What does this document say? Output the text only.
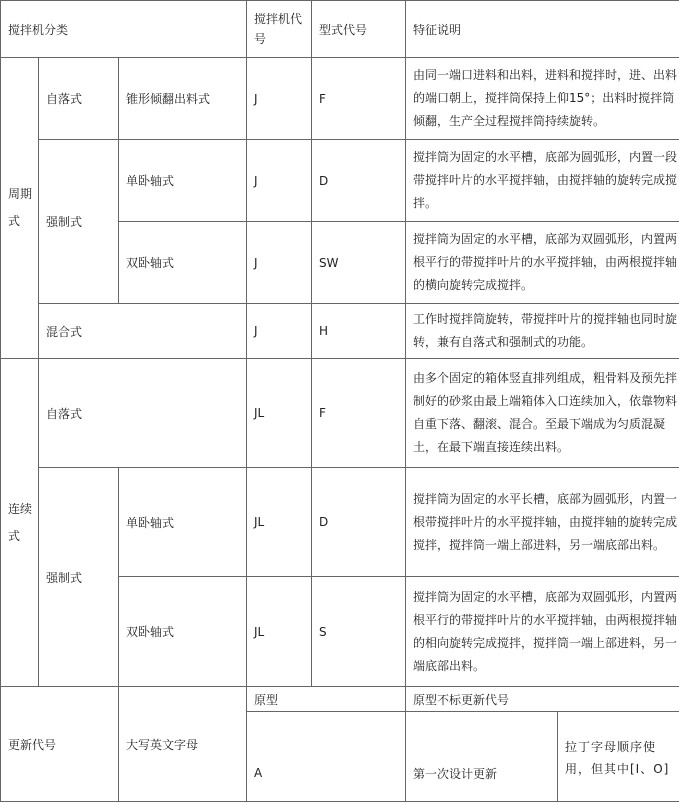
搅拌机分类			搅拌机代号	型式代号	特征说明	
周期式	自落式	锥形倾翻出料式	J	F	由同一端口进料和出料，进料和搅拌时，进、出料的端口朝上，搅拌筒保持上仰15°；出料时搅拌筒倾翻，生产全过程搅拌筒持续旋转。	
	强制式	单卧轴式	J	D	搅拌筒为固定的水平槽，底部为圆弧形，内置一段带搅拌叶片的水平搅拌轴，由搅拌轴的旋转完成搅拌。	
		双卧轴式	J	SW	搅拌筒为固定的水平槽，底部为双圆弧形，内置两根平行的带搅拌叶片的水平搅拌轴，由两根搅拌轴的横向旋转完成搅拌。	
	混合式		J	H	工作时搅拌筒旋转，带搅拌叶片的搅拌轴也同时旋转，兼有自落式和强制式的功能。	
连续式	自落式		JL	F	由多个固定的箱体竖直排列组成，粗骨料及预先拌制好的砂浆由最上端箱体入口连续加入，依靠物料自重下落、翻滚、混合。至最下端成为匀质混凝土，在最下端直接连续出料。	
	强制式	单卧轴式	JL	D	搅拌筒为固定的水平长槽，底部为圆弧形，内置一根带搅拌叶片的水平搅拌轴，由搅拌轴的旋转完成搅拌，搅拌筒一端上部进料，另一端底部出料。	
		双卧轴式	JL	S	搅拌筒为固定的水平槽，底部为双圆弧形，内置两根平行的带搅拌叶片的水平搅拌轴，由两根搅拌轴的相向旋转完成搅拌，搅拌筒一端上部进料，另一端底部出料。	
更新代号		大写英文字母	原型		原型不标更新代号	
			A		第一次设计更新	拉丁字母顺序使用，但其中[I、O]
